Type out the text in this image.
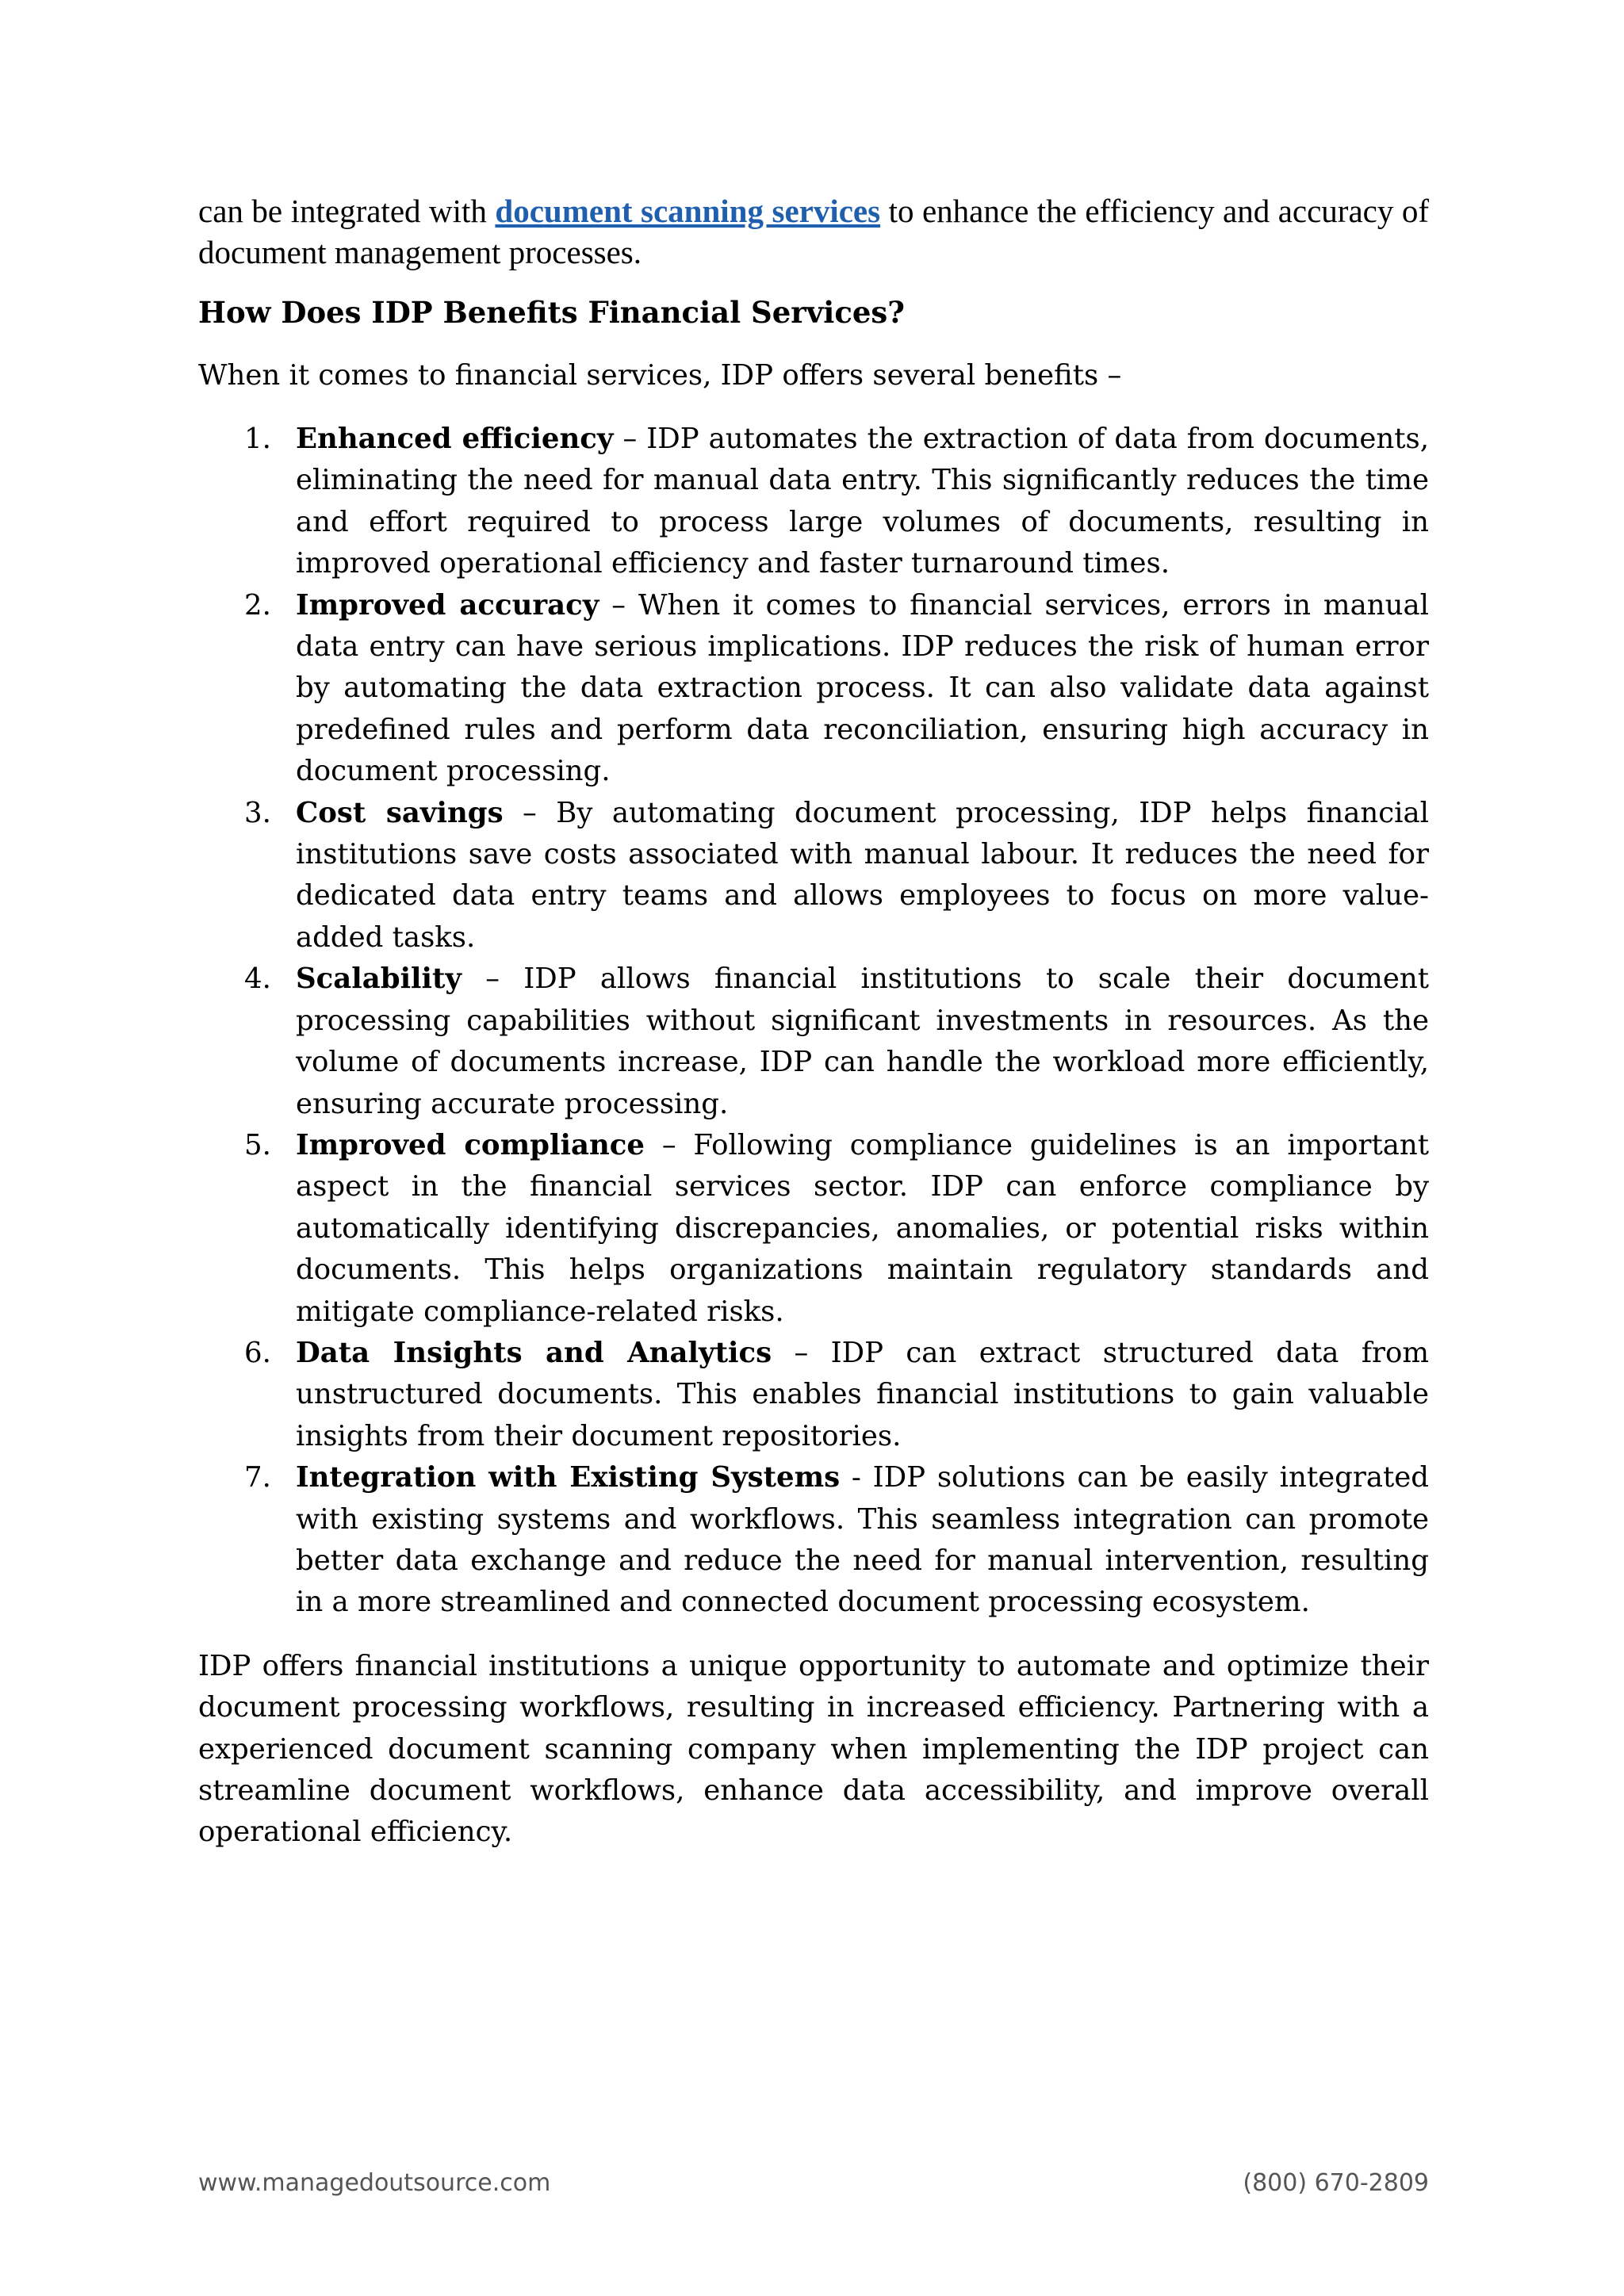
can be integrated with document scanning services to enhance the efficiency and accuracy of document management processes.

How Does IDP Benefits Financial Services?

When it comes to financial services, IDP offers several benefits –

1. Enhanced efficiency – IDP automates the extraction of data from documents, eliminating the need for manual data entry. This significantly reduces the time and effort required to process large volumes of documents, resulting in improved operational efficiency and faster turnaround times.
2. Improved accuracy – When it comes to financial services, errors in manual data entry can have serious implications. IDP reduces the risk of human error by automating the data extraction process. It can also validate data against predefined rules and perform data reconciliation, ensuring high accuracy in document processing.
3. Cost savings – By automating document processing, IDP helps financial institutions save costs associated with manual labour. It reduces the need for dedicated data entry teams and allows employees to focus on more value-added tasks.
4. Scalability – IDP allows financial institutions to scale their document processing capabilities without significant investments in resources. As the volume of documents increase, IDP can handle the workload more efficiently, ensuring accurate processing.
5. Improved compliance – Following compliance guidelines is an important aspect in the financial services sector. IDP can enforce compliance by automatically identifying discrepancies, anomalies, or potential risks within documents. This helps organizations maintain regulatory standards and mitigate compliance-related risks.
6. Data Insights and Analytics – IDP can extract structured data from unstructured documents. This enables financial institutions to gain valuable insights from their document repositories.
7. Integration with Existing Systems - IDP solutions can be easily integrated with existing systems and workflows. This seamless integration can promote better data exchange and reduce the need for manual intervention, resulting in a more streamlined and connected document processing ecosystem.

IDP offers financial institutions a unique opportunity to automate and optimize their document processing workflows, resulting in increased efficiency. Partnering with a experienced document scanning company when implementing the IDP project can streamline document workflows, enhance data accessibility, and improve overall operational efficiency.

www.managedoutsource.com	(800) 670-2809
